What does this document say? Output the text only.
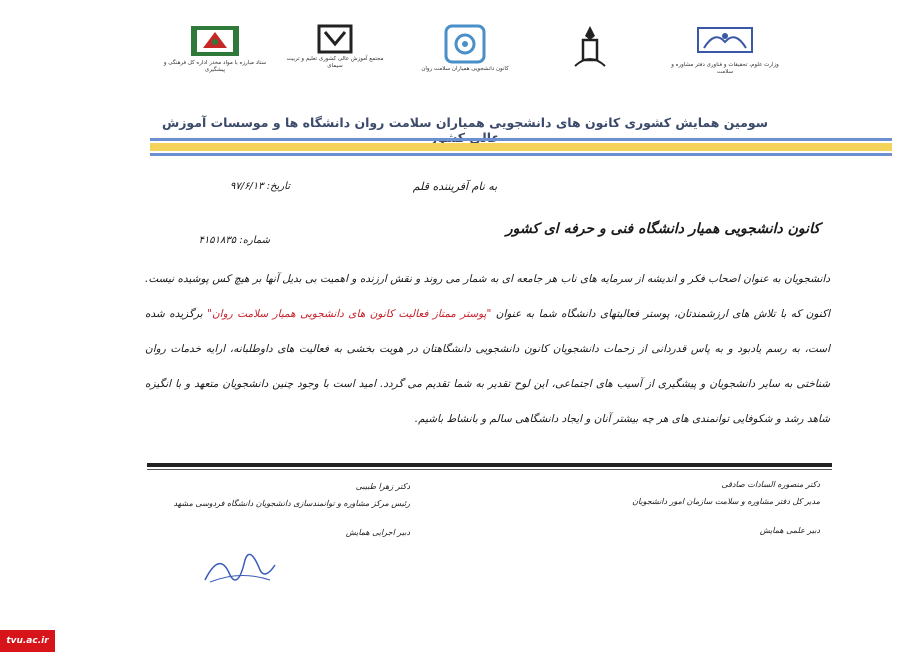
وزارت علوم، تحقیقات و فناوری دفتر مشاوره و سلامت
کانون دانشجویی همیاران سلامت روان
مجتمع آموزش عالی کشوری تعلیم و تربیت سیمای
ستاد مبارزه با مواد مخدر اداره کل فرهنگی و پیشگیری
سومین همایش کشوری کانون های دانشجویی همیاران سلامت روان دانشگاه ها و موسسات آموزش
به نام آفریننده قلم
تاریخ: ۹۷/۶/۱۳
کانون دانشجویی همیار دانشگاه فنی و حرفه ای کشور
شماره: ۴۱۵۱۸۳۵
دانشجویان به عنوان اصحاب فکر و اندیشه از سرمایه های ناب هر جامعه ای به شمار می روند و نقش ارزنده و اهمیت بی بدیل آنها بر هیچ کس پوشیده نیست. اکنون که با تلاش های ارزشمندتان، پوستر فعالیتهای دانشگاه شما به عنوان "پوستر ممتاز فعالیت کانون های دانشجویی همیار سلامت روان" برگزیده شده است، به رسم یادبود و به پاس قدردانی از زحمات دانشجویان کانون دانشجویی دانشگاهتان در هویت بخشی به فعالیت های داوطلبانه، ارایه خدمات روان شناختی به سایر دانشجویان و پیشگیری از آسیب های اجتماعی، این لوح تقدیر به شما تقدیم می گردد. امید است با وجود چنین دانشجویان متعهد و با انگیزه شاهد رشد و شکوفایی توانمندی های هر چه بیشتر آنان و ایجاد دانشگاهی سالم و بانشاط باشیم.
دکتر منصوره السادات صادقی
مدیر کل دفتر مشاوره و سلامت سازمان امور دانشجویان
دبیر علمی همایش
دکتر زهرا طبیبی
رئیس مرکز مشاوره و توانمندسازی دانشجویان دانشگاه فردوسی مشهد
دبیر اجرایی همایش
tvu.ac.ir
